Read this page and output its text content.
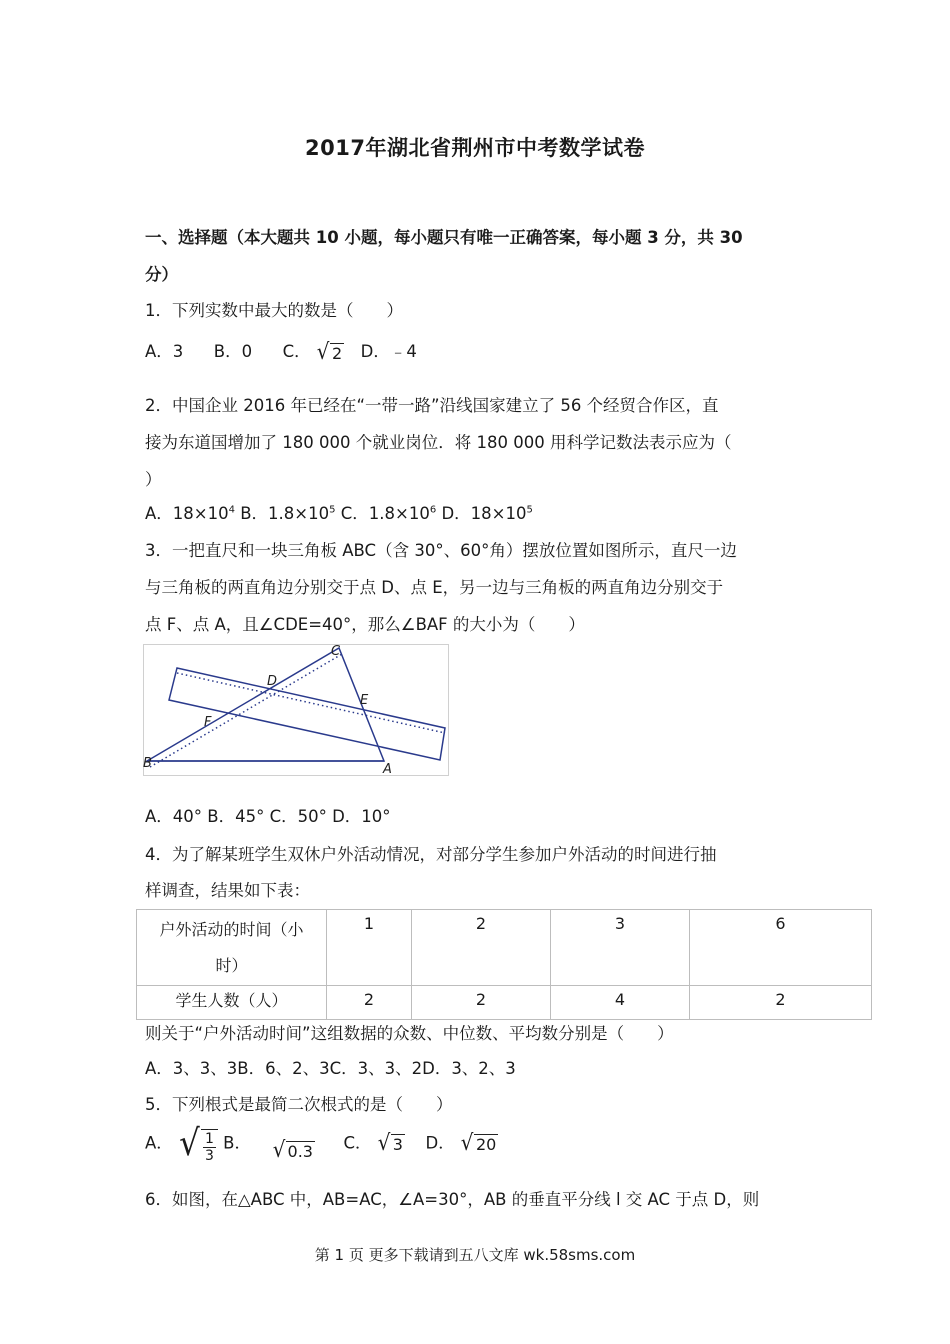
2017年湖北省荆州市中考数学试卷
一、选择题（本大题共 10 小题，每小题只有唯一正确答案，每小题 3 分，共 30
分）
1．下列实数中最大的数是（　　）
A．3 B．0 C． √ 2 D．﹣4
2．中国企业 2016 年已经在“一带一路”沿线国家建立了 56 个经贸合作区，直
接为东道国增加了 180 000 个就业岗位．将 180 000 用科学记数法表示应为（
）
A．$18\times 10^4$ B．$1.8\times 10^5$ C．$1.8\times 10^6$ D．$18\times 10^5$
3．一把直尺和一块三角板 ABC（含 30°、60°角）摆放位置如图所示，直尺一边
与三角板的两直角边分别交于点 D、点 E，另一边与三角板的两直角边分别交于
点 F、点 A，且∠CDE=40°，那么∠BAF 的大小为（　　）
C
D
E
F
B	A
A．40° B．45° C．50° D．10°
4．为了解某班学生双休户外活动情况，对部分学生参加户外活动的时间进行抽
样调查，结果如下表：
户外活动的时间（小
时）	1	2	3	6
学生人数（人）	2	2	4	2
则关于“户外活动时间”这组数据的众数、中位数、平均数分别是（　　）
A．3、3、3B．6、2、3C．3、3、2D．3、2、3
5．下列根式是最简二次根式的是（　　）
A． √ $\frac{1}{3}$ B． √ 0.3 C． √ 3 D． √ 20
6．如图，在△ABC 中，AB=AC，∠A=30°，AB 的垂直平分线 l 交 AC 于点 D，则
第 1 页 更多下载请到五八文库 wk.58sms.com
